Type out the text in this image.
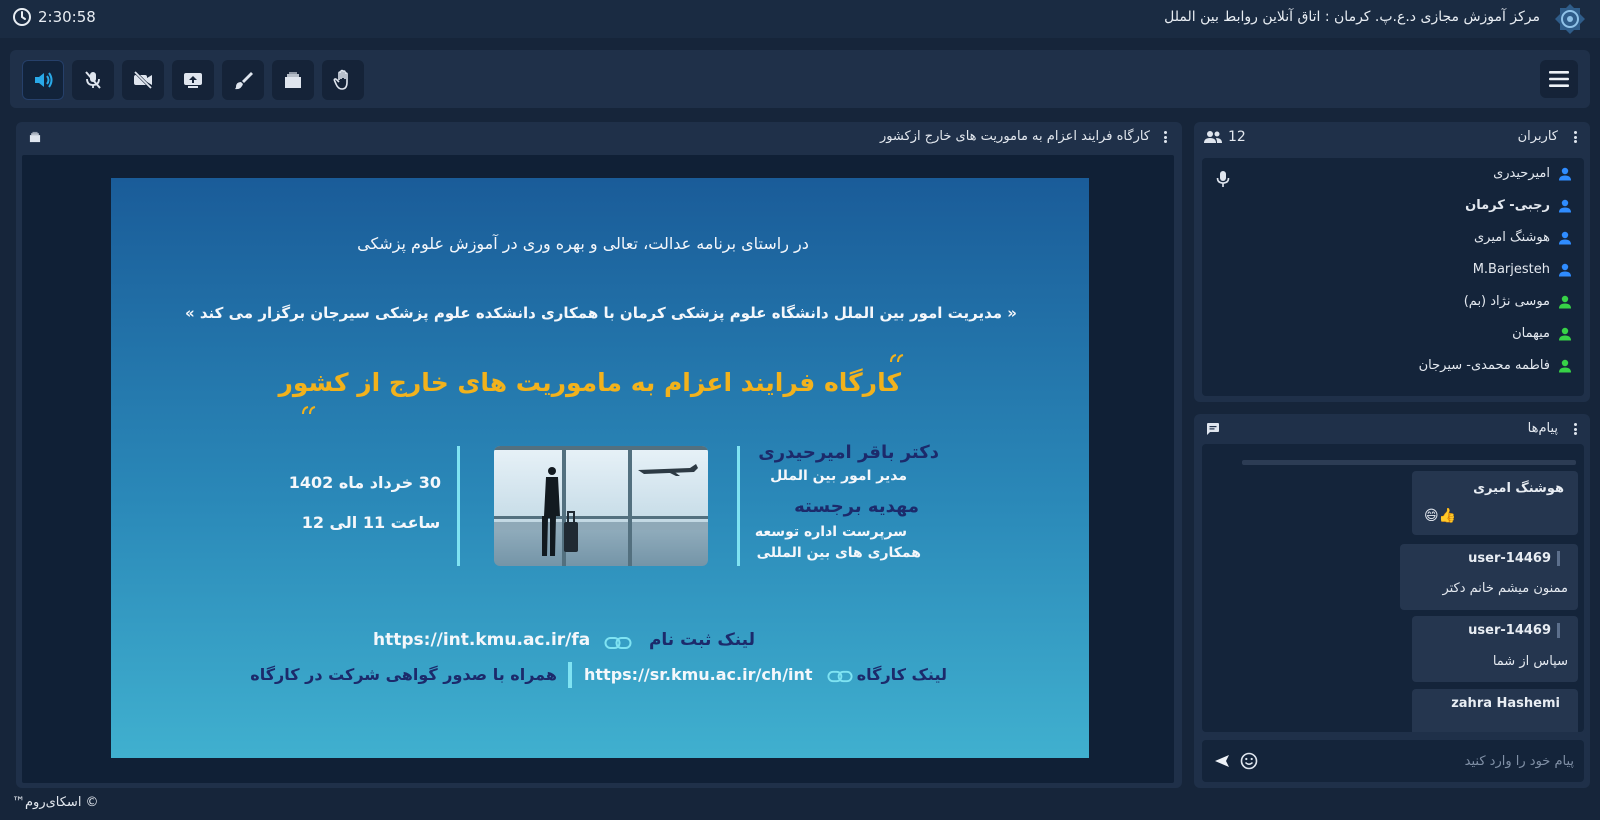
2:30:58	مرکز آموزش مجازی د.ع.پ. کرمان : اتاق آنلاین روابط بین الملل
کارگاه فرایند اعزام به ماموریت های خارج ازکشور
در راستای برنامه عدالت، تعالی و بهره وری در آموزش علوم پزشکی
« مدیریت امور بین الملل دانشگاه علوم پزشکی کرمان با همکاری دانشکده علوم پزشکی سیرجان برگزار می کند »
کارگاه فرایند اعزام به ماموریت های خارج از کشور
دکتر باقر امیرحیدری
مدیر امور بین الملل
مهدیه برجسته
سرپرست اداره توسعه
همکاری های بین المللی
30 خرداد ماه 1402
ساعت 11 الی 12
لینک ثبت نام
https://int.kmu.ac.ir/fa
لینک کارگاه
https://sr.kmu.ac.ir/ch/int
همراه با صدور گواهی شرکت در کارگاه
12	کاربران
امیرحیدری
رجبی- کرمان
هوشنگ امیری
M.Barjesteh
موسی نژاد (بم)
میهمان
فاطمه محمدی- سیرجان
پیام‌ها
هوشنگ امیری
👍😄
user-14469
ممنون میشم خانم دکتر
user-14469
سپاس از شما
zahra Hashemi
پیام خود را وارد کنید
© اسکای‌روم™
